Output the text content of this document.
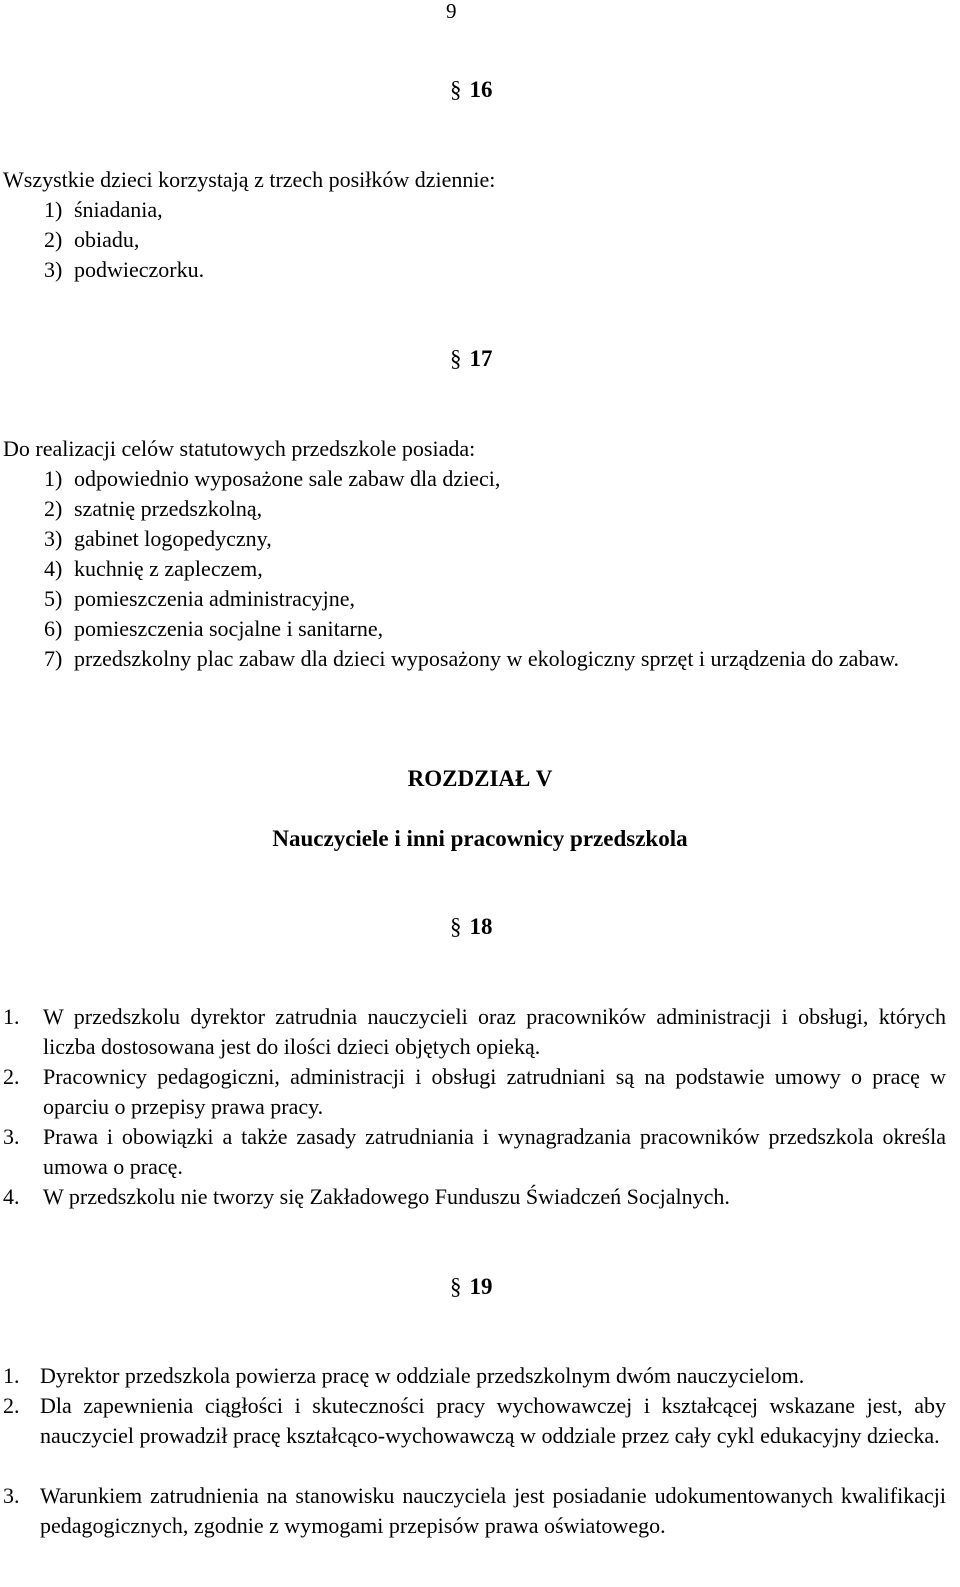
9
§ 16
Wszystkie dzieci korzystają z trzech posiłków dziennie:
1) śniadania,
2) obiadu,
3) podwieczorku.
§ 17
Do realizacji celów statutowych przedszkole posiada:
1) odpowiednio wyposażone sale zabaw dla dzieci,
2) szatnię przedszkolną,
3) gabinet logopedyczny,
4) kuchnię z zapleczem,
5) pomieszczenia administracyjne,
6) pomieszczenia socjalne i sanitarne,
7) przedszkolny plac zabaw dla dzieci wyposażony w ekologiczny sprzęt i urządzenia do zabaw.
ROZDZIAŁ V
Nauczyciele i inni pracownicy przedszkola
§ 18
1. W przedszkolu dyrektor zatrudnia nauczycieli oraz pracowników administracji i obsługi, których liczba dostosowana jest do ilości dzieci objętych opieką.
2. Pracownicy pedagogiczni, administracji i obsługi zatrudniani są na podstawie umowy o pracę w oparciu o przepisy prawa pracy.
3. Prawa i obowiązki a także zasady zatrudniania i wynagradzania pracowników przedszkola określa umowa o pracę.
4. W przedszkolu nie tworzy się Zakładowego Funduszu Świadczeń Socjalnych.
§ 19
1. Dyrektor przedszkola powierza pracę w oddziale przedszkolnym dwóm nauczycielom.
2. Dla zapewnienia ciągłości i skuteczności pracy wychowawczej i kształcącej wskazane jest, aby nauczyciel prowadził pracę kształcąco-wychowawczą w oddziale przez cały cykl edukacyjny dziecka.
3. Warunkiem zatrudnienia na stanowisku nauczyciela jest posiadanie udokumentowanych kwalifikacji pedagogicznych, zgodnie z wymogami przepisów prawa oświatowego.
